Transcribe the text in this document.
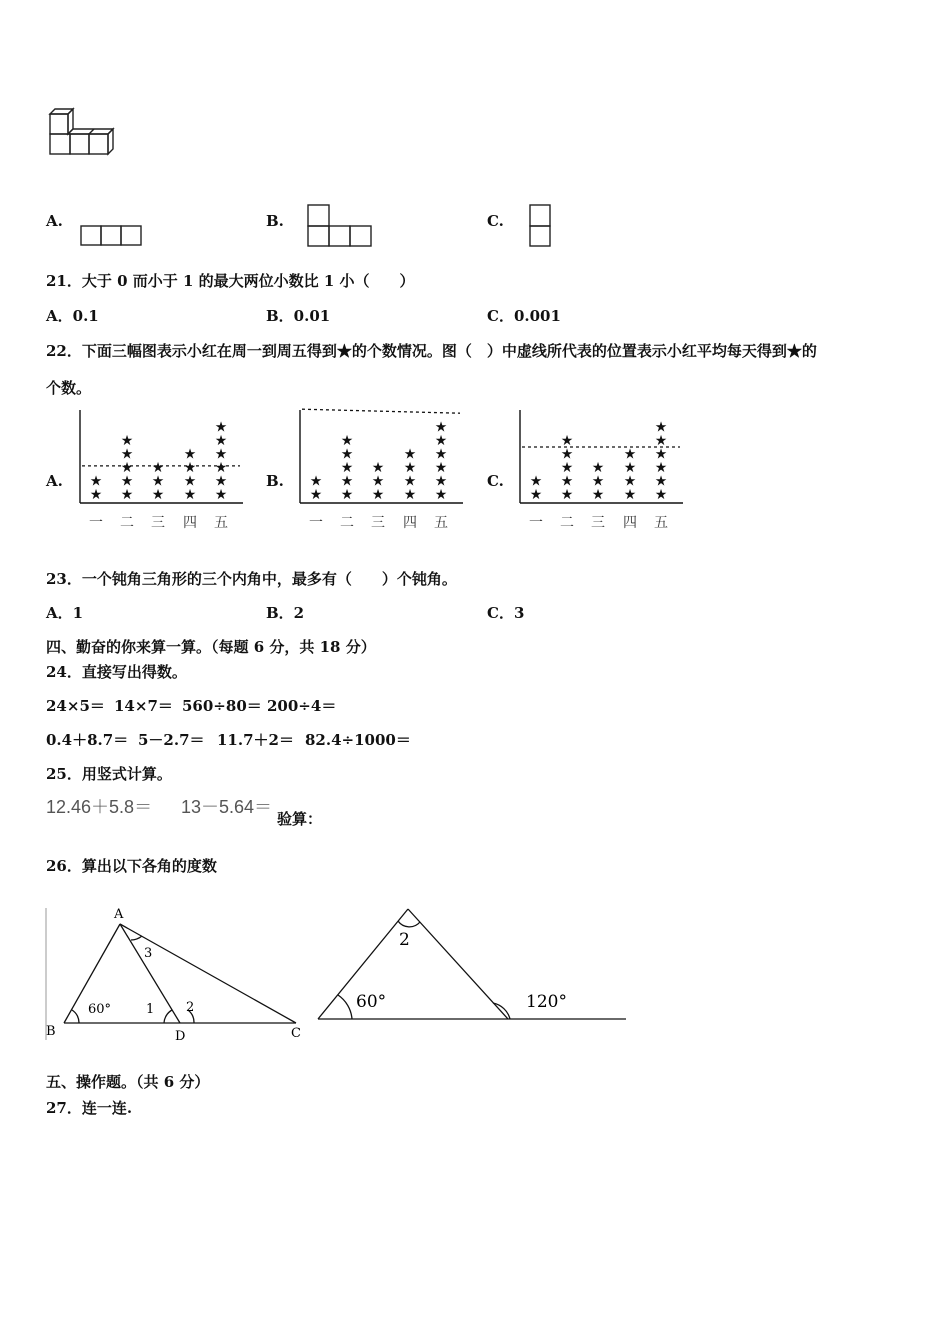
A.	B.	C.
21．大于 0 而小于 1 的最大两位小数比 1 小（　　）
A．0.1	B．0.01	C．0.001
22．下面三幅图表示小红在周一到周五得到★的个数情况。图（　）中虚线所代表的位置表示小红平均每天得到★的
个数。
A.	B.	C.
★
★
一
★
★
★
★
★
二
★
★
★
三
★
★
★
★
四
★
★
★
★
★
★
五
★
★
一
★
★
★
★
★
二
★
★
★
三
★
★
★
★
四
★
★
★
★
★
★
五
★
★
一
★
★
★
★
★
二
★
★
★
三
★
★
★
★
四
★
★
★
★
★
★
五
23．一个钝角三角形的三个内角中，最多有（　　）个钝角。
A．1	B．2	C．3
四、勤奋的你来算一算。（每题 6 分，共 18 分）
24．直接写出得数。
24×5＝ 14×7＝ 560÷80＝ 200÷4＝
0.4＋8.7＝ 5－2.7＝ 11.7＋2＝ 82.4÷1000＝
25．用竖式计算。
12.46＋5.8＝ 13－5.64＝
验算：
26．算出以下各角的度数
A
B	C
D
60°	1 2
3
60°
2
120°
五、操作题。（共 6 分）
27．连一连.
